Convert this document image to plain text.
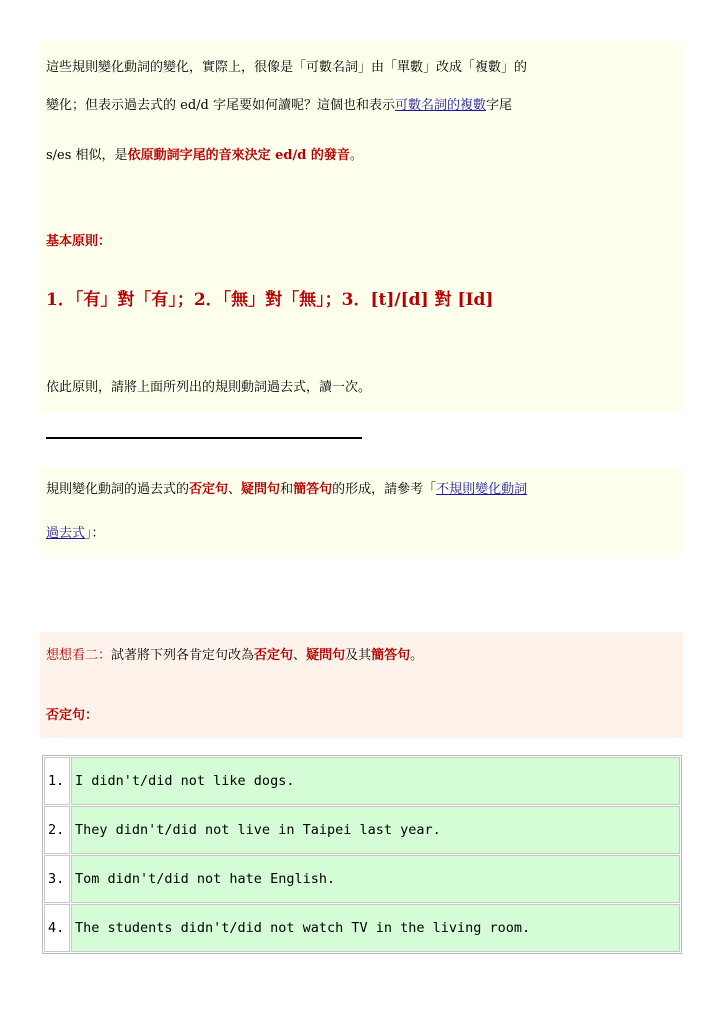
這些規則變化動詞的變化，實際上，很像是「可數名詞」由「單數」改成「複數」的
變化；但表示過去式的 ed/d 字尾要如何讀呢？這個也和表示可數名詞的複數字尾
s/es 相似，是依原動詞字尾的音來決定 ed/d 的發音。
基本原則：
1．「有」對「有」；2．「無」對「無」；3．[t]/[d] 對 [Id]
依此原則，請將上面所列出的規則動詞過去式，讀一次。
規則變化動詞的過去式的否定句、疑問句和簡答句的形成，請參考「不規則變化動詞
過去式」：
想想看二：試著將下列各肯定句改為否定句、疑問句及其簡答句。
否定句：
1.	I didn't/did not like dogs.
2.	They didn't/did not live in Taipei last year.
3.	Tom didn't/did not hate English.
4.	The students didn't/did not watch TV in the living room.
